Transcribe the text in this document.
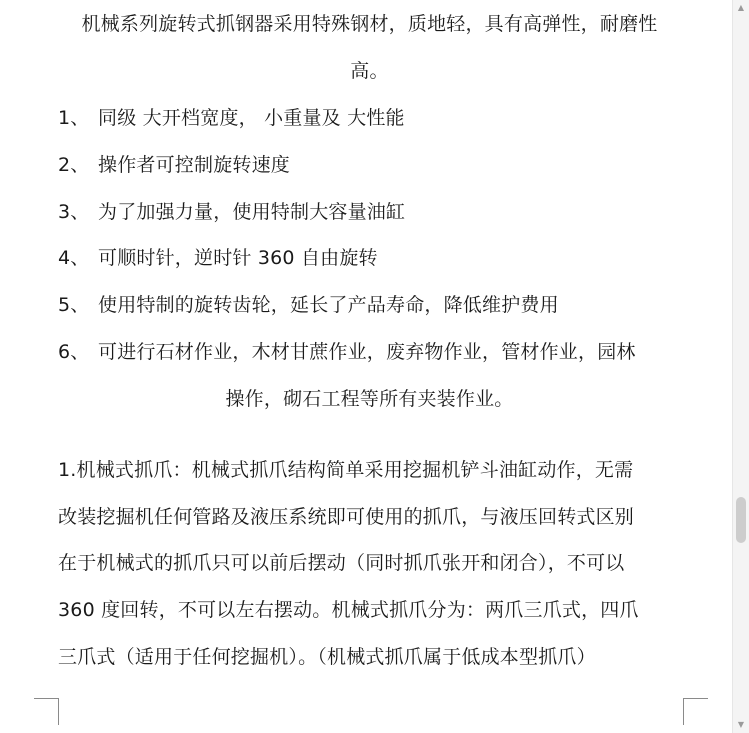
机械系列旋转式抓钢器采用特殊钢材，质地轻，具有高弹性，耐磨性
高。
1、 同级 大开档宽度， 小重量及 大性能
2、 操作者可控制旋转速度
3、 为了加强力量，使用特制大容量油缸
4、 可顺时针，逆时针 360 自由旋转
5、 使用特制的旋转齿轮，延长了产品寿命，降低维护费用
6、 可进行石材作业，木材甘蔗作业，废弃物作业，管材作业，园林
操作，砌石工程等所有夹装作业。
1.机械式抓爪：机械式抓爪结构简单采用挖掘机铲斗油缸动作，无需
改装挖掘机任何管路及液压系统即可使用的抓爪，与液压回转式区别
在于机械式的抓爪只可以前后摆动（同时抓爪张开和闭合），不可以
360 度回转，不可以左右摆动。机械式抓爪分为：两爪三爪式，四爪
三爪式（适用于任何挖掘机）。（机械式抓爪属于低成本型抓爪）
▲
▼
